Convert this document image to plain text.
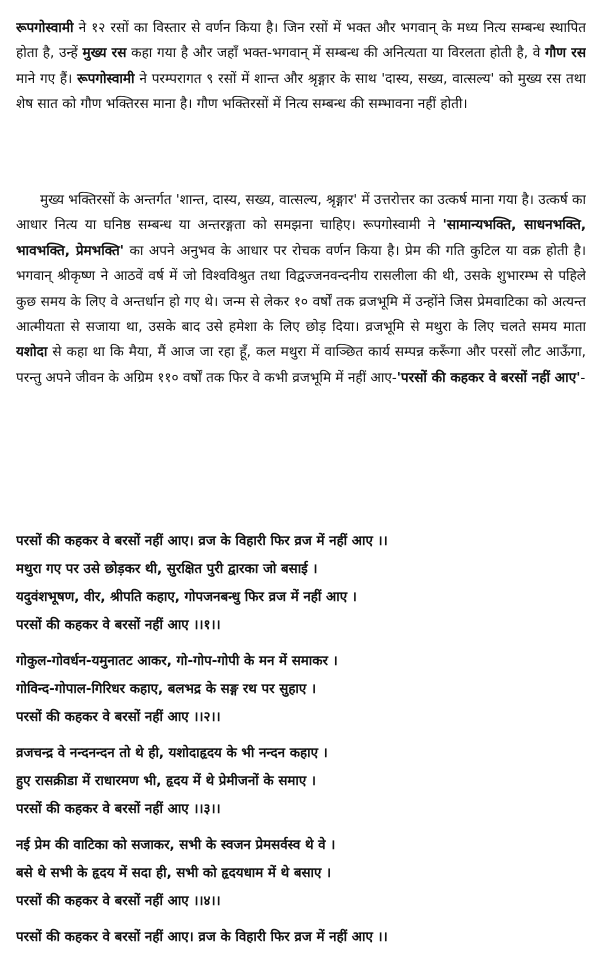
रूपगोस्वामी ने १२ रसों का विस्तार से वर्णन किया है। जिन रसों में भक्त और भगवान् के मध्य नित्य सम्बन्ध स्थापित होता है, उन्हें मुख्य रस कहा गया है और जहाँ भक्त-भगवान् में सम्बन्ध की अनित्यता या विरलता होती है, वे गौण रस माने गए हैं। रूपगोस्वामी ने परम्परागत ९ रसों में शान्त और श्रृङ्गार के साथ 'दास्य, सख्य, वात्सल्य' को मुख्य रस तथा शेष सात को गौण भक्तिरस माना है। गौण भक्तिरसों में नित्य सम्बन्ध की सम्भावना नहीं होती।

मुख्य भक्तिरसों के अन्तर्गत 'शान्त, दास्य, सख्य, वात्सल्य, श्रृङ्गार' में उत्तरोत्तर का उत्कर्ष माना गया है। उत्कर्ष का आधार नित्य या घनिष्ठ सम्बन्ध या अन्तरङ्गता को समझना चाहिए। रूपगोस्वामी ने 'सामान्यभक्ति, साधनभक्ति, भावभक्ति, प्रेमभक्ति' का अपने अनुभव के आधार पर रोचक वर्णन किया है। प्रेम की गति कुटिल या वक्र होती है। भगवान् श्रीकृष्ण ने आठवें वर्ष में जो विश्वविश्रुत तथा विद्वज्जनवन्दनीय रासलीला की थी, उसके शुभारम्भ से पहिले कुछ समय के लिए वे अन्तर्धान हो गए थे। जन्म से लेकर १० वर्षों तक व्रजभूमि में उन्होंने जिस प्रेमवाटिका को अत्यन्त आत्मीयता से सजाया था, उसके बाद उसे हमेशा के लिए छोड़ दिया। व्रजभूमि से मथुरा के लिए चलते समय माता यशोदा से कहा था कि मैया, मैं आज जा रहा हूँ, कल मथुरा में वाञ्छित कार्य सम्पन्न करूँगा और परसों लौट आऊँगा, परन्तु अपने जीवन के अग्रिम ११० वर्षों तक फिर वे कभी व्रजभूमि में नहीं आए-'परसों की कहकर वे बरसों नहीं आए'-

परसों की कहकर वे बरसों नहीं आए। व्रज के विहारी फिर व्रज में नहीं आए ।।
मथुरा गए पर उसे छोड़कर थी, सुरक्षित पुरी द्वारका जो बसाई ।
यदुवंशभूषण, वीर, श्रीपति कहाए, गोपजनबन्धु फिर व्रज में नहीं आए ।
परसों की कहकर वे बरसों नहीं आए ।।१।।
गोकुल-गोवर्धन-यमुनातट आकर, गो-गोप-गोपी के मन में समाकर ।
गोविन्द-गोपाल-गिरिधर कहाए, बलभद्र के सङ्ग रथ पर सुहाए ।
परसों की कहकर वे बरसों नहीं आए ।।२।।
व्रजचन्द्र वे नन्दनन्दन तो थे ही, यशोदाहृदय के भी नन्दन कहाए ।
हुए रासक्रीडा में राधारमण भी, हृदय में थे प्रेमीजनों के समाए ।
परसों की कहकर वे बरसों नहीं आए ।।३।।
नई प्रेम की वाटिका को सजाकर, सभी के स्वजन प्रेमसर्वस्व थे वे ।
बसे थे सभी के हृदय में सदा ही, सभी को हृदयधाम में थे बसाए ।
परसों की कहकर वे बरसों नहीं आए ।।४।।
परसों की कहकर वे बरसों नहीं आए। व्रज के विहारी फिर व्रज में नहीं आए ।।
